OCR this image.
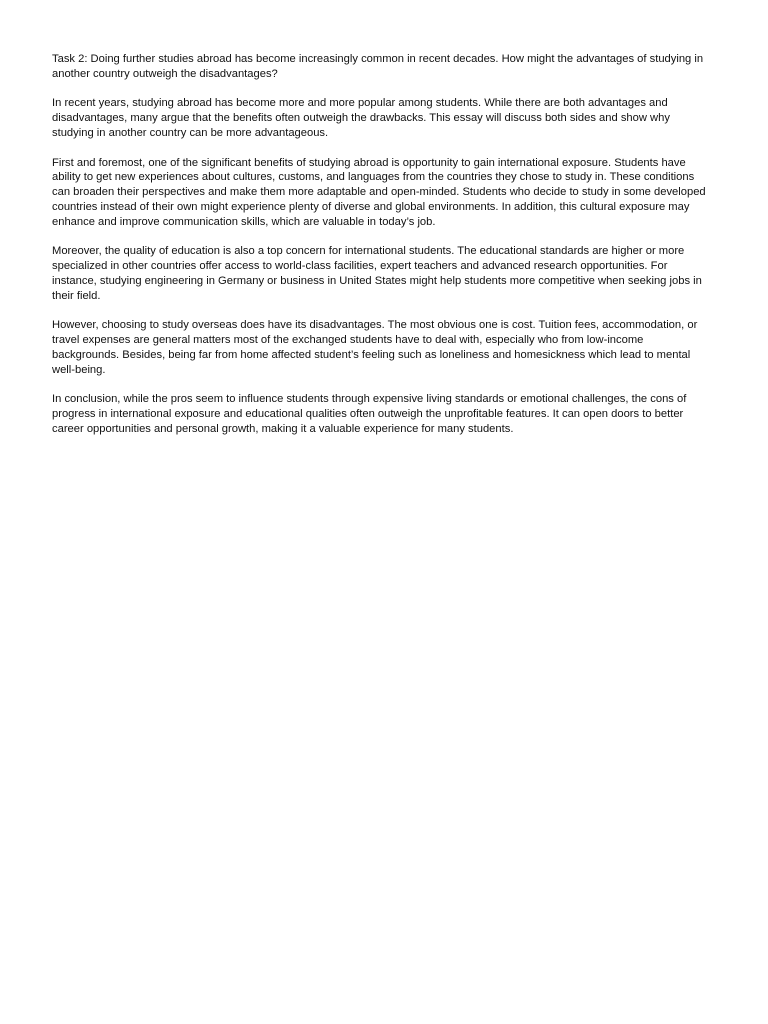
Task 2: Doing further studies abroad has become increasingly common in recent decades. How might the advantages of studying in another country outweigh the disadvantages?

In recent years, studying abroad has become more and more popular among students. While there are both advantages and disadvantages, many argue that the benefits often outweigh the drawbacks. This essay will discuss both sides and show why studying in another country can be more advantageous.

First and foremost, one of the significant benefits of studying abroad is opportunity to gain international exposure. Students have ability to get new experiences about cultures, customs, and languages from the countries they chose to study in. These conditions can broaden their perspectives and make them more adaptable and open-minded. Students who decide to study in some developed countries instead of their own might experience plenty of diverse and global environments. In addition, this cultural exposure may enhance and improve communication skills, which are valuable in today’s job.

Moreover, the quality of education is also a top concern for international students. The educational standards are higher or more specialized in other countries offer access to world-class facilities, expert teachers and advanced research opportunities. For instance, studying engineering in Germany or business in United States might help students more competitive when seeking jobs in their field.

However, choosing to study overseas does have its disadvantages. The most obvious one is cost. Tuition fees, accommodation, or travel expenses are general matters most of the exchanged students have to deal with, especially who from low-income backgrounds. Besides, being far from home affected student’s feeling such as loneliness and homesickness which lead to mental well-being.

In conclusion, while the pros seem to influence students through expensive living standards or emotional challenges, the cons of progress in international exposure and educational qualities often outweigh the unprofitable features. It can open doors to better career opportunities and personal growth, making it a valuable experience for many students.
